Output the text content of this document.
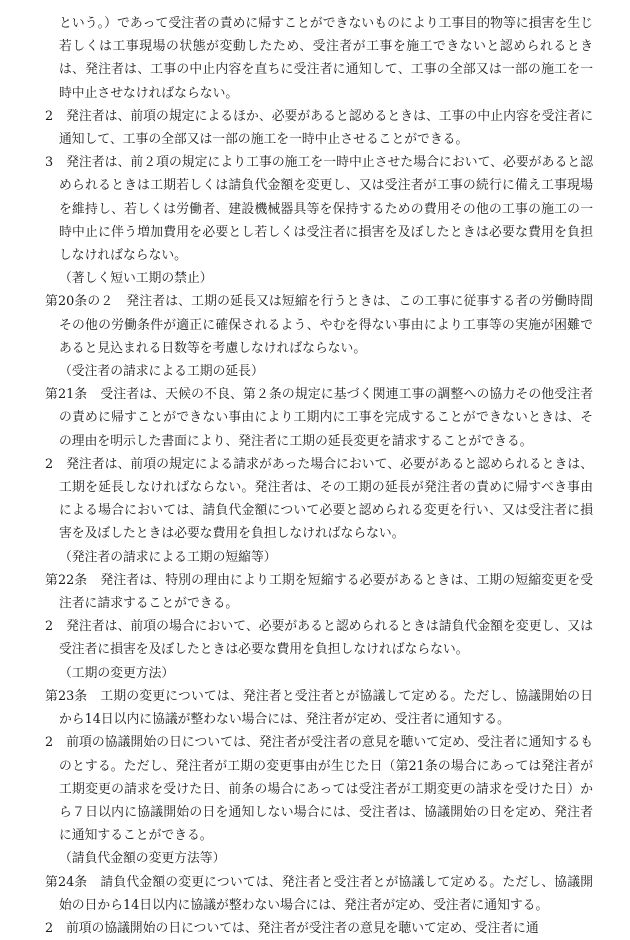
という。）であって受注者の責めに帰すことができないものにより工事目的物等に損害を生じ若しくは工事現場の状態が変動したため、受注者が工事を施工できないと認められるときは、発注者は、工事の中止内容を直ちに受注者に通知して、工事の全部又は一部の施工を一時中止させなければならない。

2　発注者は、前項の規定によるほか、必要があると認めるときは、工事の中止内容を受注者に通知して、工事の全部又は一部の施工を一時中止させることができる。

3　発注者は、前２項の規定により工事の施工を一時中止させた場合において、必要があると認められるときは工期若しくは請負代金額を変更し、又は受注者が工事の続行に備え工事現場を維持し、若しくは労働者、建設機械器具等を保持するための費用その他の工事の施工の一時中止に伴う増加費用を必要とし若しくは受注者に損害を及ぼしたときは必要な費用を負担しなければならない。

（著しく短い工期の禁止）

第20条の２　発注者は、工期の延長又は短縮を行うときは、この工事に従事する者の労働時間その他の労働条件が適正に確保されるよう、やむを得ない事由により工事等の実施が困難であると見込まれる日数等を考慮しなければならない。

（受注者の請求による工期の延長）

第21条　受注者は、天候の不良、第２条の規定に基づく関連工事の調整への協力その他受注者の責めに帰すことができない事由により工期内に工事を完成することができないときは、その理由を明示した書面により、発注者に工期の延長変更を請求することができる。

2　発注者は、前項の規定による請求があった場合において、必要があると認められるときは、工期を延長しなければならない。発注者は、その工期の延長が発注者の責めに帰すべき事由による場合においては、請負代金額について必要と認められる変更を行い、又は受注者に損害を及ぼしたときは必要な費用を負担しなければならない。

（発注者の請求による工期の短縮等）

第22条　発注者は、特別の理由により工期を短縮する必要があるときは、工期の短縮変更を受注者に請求することができる。

2　発注者は、前項の場合において、必要があると認められるときは請負代金額を変更し、又は受注者に損害を及ぼしたときは必要な費用を負担しなければならない。

（工期の変更方法）

第23条　工期の変更については、発注者と受注者とが協議して定める。ただし、協議開始の日から14日以内に協議が整わない場合には、発注者が定め、受注者に通知する。

2　前項の協議開始の日については、発注者が受注者の意見を聴いて定め、受注者に通知するものとする。ただし、発注者が工期の変更事由が生じた日（第21条の場合にあっては発注者が工期変更の請求を受けた日、前条の場合にあっては受注者が工期変更の請求を受けた日）から７日以内に協議開始の日を通知しない場合には、受注者は、協議開始の日を定め、発注者に通知することができる。

（請負代金額の変更方法等）

第24条　請負代金額の変更については、発注者と受注者とが協議して定める。ただし、協議開始の日から14日以内に協議が整わない場合には、発注者が定め、受注者に通知する。

2　前項の協議開始の日については、発注者が受注者の意見を聴いて定め、受注者に通
